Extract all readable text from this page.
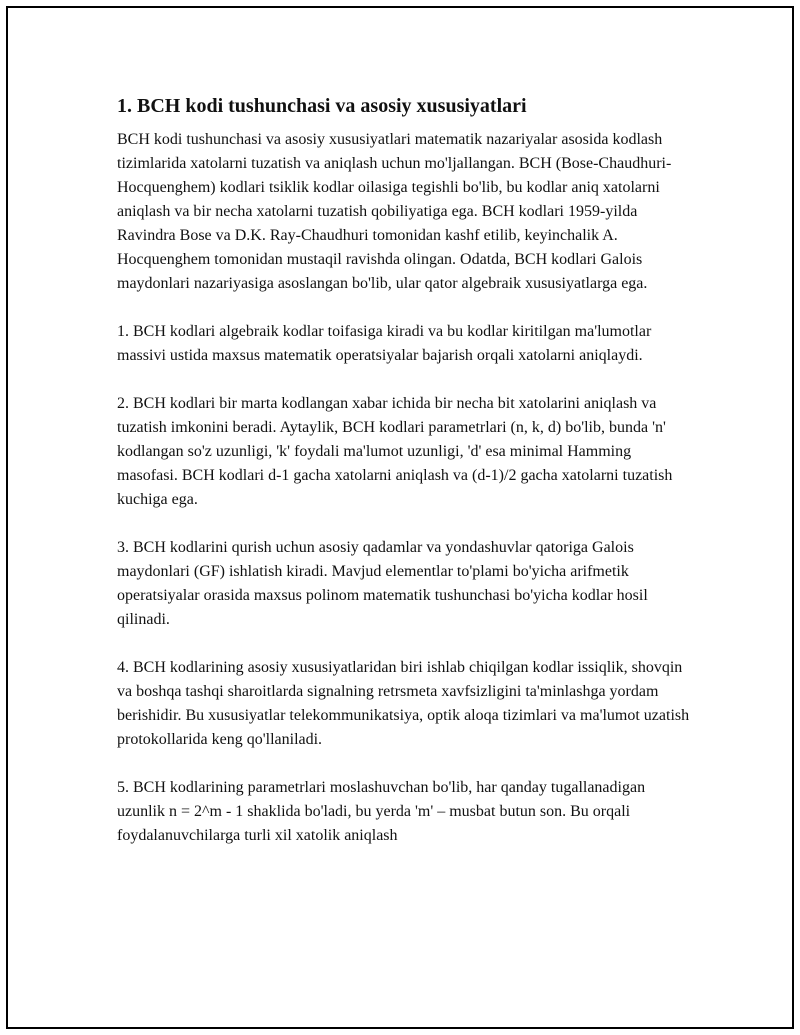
1. BCH kodi tushunchasi va asosiy xususiyatlari

BCH kodi tushunchasi va asosiy xususiyatlari matematik nazariyalar asosida kodlash tizimlarida xatolarni tuzatish va aniqlash uchun mo'ljallangan. BCH (Bose-Chaudhuri-Hocquenghem) kodlari tsiklik kodlar oilasiga tegishli bo'lib, bu kodlar aniq xatolarni aniqlash va bir necha xatolarni tuzatish qobiliyatiga ega. BCH kodlari 1959-yilda Ravindra Bose va D.K. Ray-Chaudhuri tomonidan kashf etilib, keyinchalik A. Hocquenghem tomonidan mustaqil ravishda olingan. Odatda, BCH kodlari Galois maydonlari nazariyasiga asoslangan bo'lib, ular qator algebraik xususiyatlarga ega.

1. BCH kodlari algebraik kodlar toifasiga kiradi va bu kodlar kiritilgan ma'lumotlar massivi ustida maxsus matematik operatsiyalar bajarish orqali xatolarni aniqlaydi.

2. BCH kodlari bir marta kodlangan xabar ichida bir necha bit xatolarini aniqlash va tuzatish imkonini beradi. Aytaylik, BCH kodlari parametrlari (n, k, d) bo'lib, bunda 'n' kodlangan so'z uzunligi, 'k' foydali ma'lumot uzunligi, 'd' esa minimal Hamming masofasi. BCH kodlari d-1 gacha xatolarni aniqlash va (d-1)/2 gacha xatolarni tuzatish kuchiga ega.

3. BCH kodlarini qurish uchun asosiy qadamlar va yondashuvlar qatoriga Galois maydonlari (GF) ishlatish kiradi. Mavjud elementlar to'plami bo'yicha arifmetik operatsiyalar orasida maxsus polinom matematik tushunchasi bo'yicha kodlar hosil qilinadi.

4. BCH kodlarining asosiy xususiyatlaridan biri ishlab chiqilgan kodlar issiqlik, shovqin va boshqa tashqi sharoitlarda signalning retrsmeta xavfsizligini ta'minlashga yordam berishidir. Bu xususiyatlar telekommunikatsiya, optik aloqa tizimlari va ma'lumot uzatish protokollarida keng qo'llaniladi.

5. BCH kodlarining parametrlari moslashuvchan bo'lib, har qanday tugallanadigan uzunlik n = 2^m - 1 shaklida bo'ladi, bu yerda 'm' – musbat butun son. Bu orqali foydalanuvchilarga turli xil xatolik aniqlash
